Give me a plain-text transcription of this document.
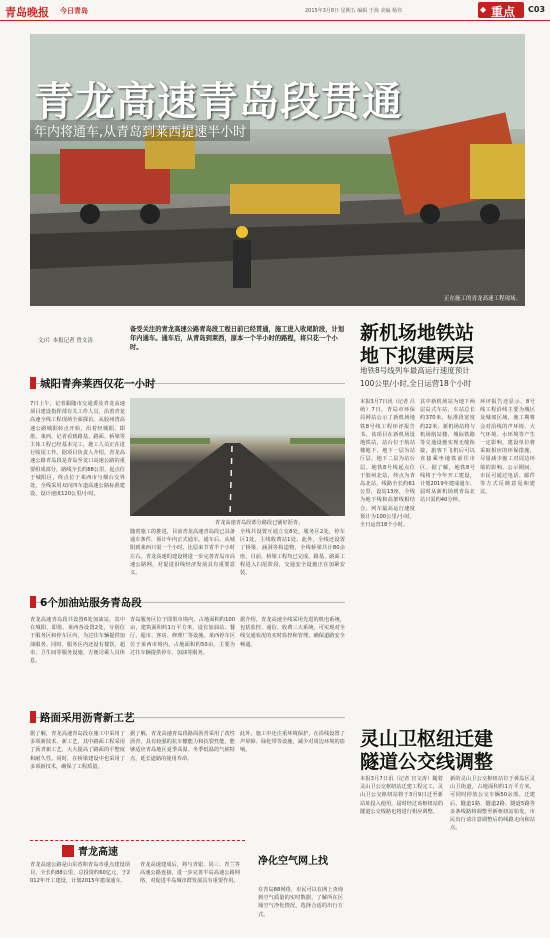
青岛晚报 今日青岛	2015年3月8日 星期五 编辑 于海 美编 杨伟	◆ 重点 C03
青龙高速青岛段贯通
年内将通车,从青岛到莱西提速半小时
正在施工的青龙高速工程现场。
文/片 本报记者 曾文涛
备受关注的青龙高速公路青岛段工程日前已经贯通，施工进入收尾阶段，计划年内通车。通车后，从青岛到莱西，原本一个半小时的路程，将只花一个小时。
城阳青奔莱西仅花一小时
7日上午，记者跟随市交通委及青龙高速项目建设指挥部有关工作人员，沿着青龙高速全线工程现场全面探访。从胶州湾高速公路城阳转点开始，沿着经城阳、即墨、莱西，记者看到路基、路面、桥梁等主体工程已经基本完工，施工人员正在进行收尾工作。据项目负责人介绍，青龙高速公路青岛段是青岛至龙口高速公路的重要组成部分，路线全长约88公里，起点位于城阳区，终点位于莱西市与烟台交界处，全线采用双向四车道高速公路标准建设，设计速度120公里/小时。
青龙高速青岛段部分路段已铺好沥青。
随着施工的推进，目前青龙高速青岛段已具备通车条件，预计年内正式通车。通车后，从城阳到莱西只需一个小时，比原来节省半个小时左右。青龙高速的建设将进一步完善青岛市高速公路网，对促进沿线经济发展具有重要意义。
全线共设置互通立交8处，服务区2处，停车区1处，主线收费站1处。此外，全线还设置了桥梁、涵洞等构造物，全线桥梁共计80余座。目前，桥梁工程均已完成，路基、路面工程进入扫尾阶段，交通安全设施正在加紧安装。
6个加油站服务青岛段
青龙高速青岛段共设置6处加油站，其中在城阳、即墨、莱西各设置2处，分别位于服务区和停车区内，为过往车辆提供加油服务。同时，服务区内还设有餐饮、超市、卫生间等服务设施，方便司乘人员休息。
青岛服务区位于即墨市境内，占地面积约100亩，建筑面积约1万平方米，设有加油站、餐厅、超市、客房、修理厂等设施。莱西停车区位于莱西市境内，占地面积约50亩，主要为过往车辆提供停车、加油等服务。
据介绍，青龙高速全线采用先进的机电系统，包括监控、通信、收费三大系统，可实现对全线交通状况的实时监控和管理，确保道路安全畅通。
路面采用沥青新工艺
据了解，青龙高速青岛段在施工中采用了多项新技术、新工艺，其中路面工程采用了沥青新工艺，大大提高了路面的平整度和耐久性。同时，在桥梁建设中也采用了多项新技术，确保了工程质量。
据了解，青龙高速青岛段路面沥青采用了改性沥青，具有较强的抗车辙能力和抗裂性能，能够适应青岛地区夏季高温、冬季低温的气候特点，延长道路的使用寿命。
此外，施工中还注重环境保护，在沿线设置了声屏障、绿化带等设施，减少对周边环境的影响。
青龙高速
青龙高速公路是山东省和青岛市重点建设项目，全长约88公里，总投资约60亿元，于2012年开工建设，计划2015年建成通车。
青龙高速建成后，将与青银、同三、青兰等高速公路连接，进一步完善半岛高速公路网络，对促进半岛城市群发展具有重要作用。
净化空气网上找
在青岛88网络，市民可以在网上查询到空气质量的实时数据，了解所在区域空气净化情况，选择合适的出行方式。
新机场地铁站
地下拟建两层
地铁8号线列车最高运行速度预计
100公里/小时,全日运营18个小时
本报3月7日讯（记者 吕萌）7日，青岛市环保局网站公示了新机场地铁8号线工程环评报告书。该项目在新机场设地铁站，站台位于航站楼地下，地下一层为站厅层，地下二层为站台层。地铁8号线起点位于胶州北站，终点为青岛北站，线路全长约61公里，设站13座，全线为地下线和高架线相结合。列车最高运行速度预计为100公里/小时，全日运营18个小时。
其中新机场站为地下两层岛式车站，车站总长约370米，标准段宽度约22米。新机场站将与机场航站楼、城际铁路等交通设施实现无缝衔接，旅客下飞机后可以直接乘坐地铁前往市区。据了解，地铁8号线将于今年开工建设，计划2019年建成通车。届时从新机场到青岛北站只需约40分钟。
环评报告还显示，8号线工程沿线主要为城区及城郊区域，施工期将会对沿线的声环境、大气环境、水环境等产生一定影响，建设单位将采取相应的环保措施，尽量减少施工对周边环境的影响。公示期间，市民可通过电话、邮件等方式反映意见和建议。
灵山卫枢纽迁建
隧道公交线调整
本报3月7日讯（记者 宫文涛）随着灵山卫公交枢纽站迁建工程完工，灵山卫公交枢纽站将于3月9日迁至新站址投入使用，届时经过该枢纽站的隧道公交线路也将进行相应调整。
新的灵山卫公交枢纽站位于黄岛区灵山卫街道，占地面积约1万平方米，可同时停放公交车辆50余部。迁建后，隧道1路、隧道2路、隧道5路等多条线路将调整至新枢纽站始发，市民出行请注意调整后的线路走向和站点。
